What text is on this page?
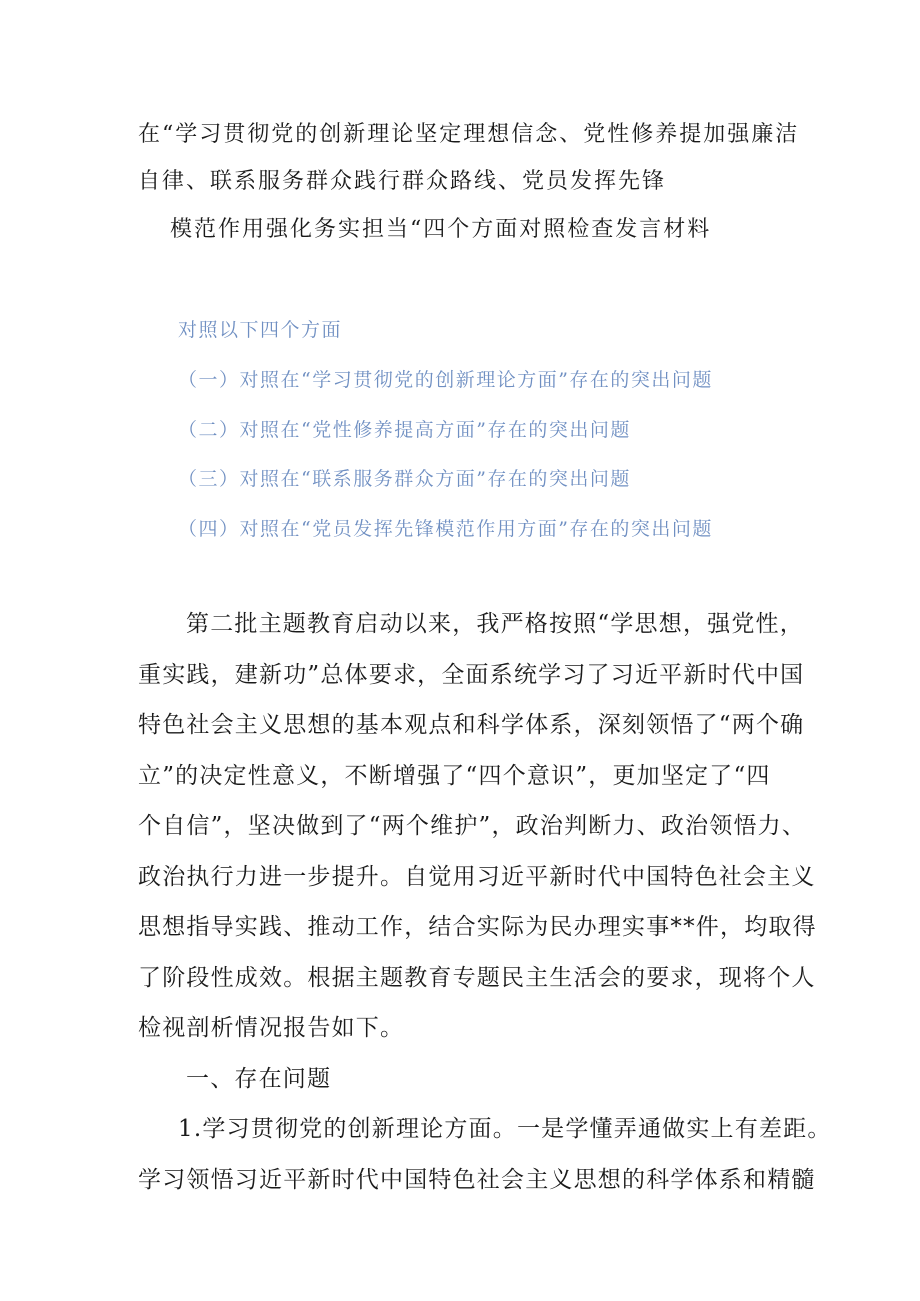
在“学习贯彻党的创新理论坚定理想信念、党性修养提加强廉洁
自律、联系服务群众践行群众路线、党员发挥先锋
模范作用强化务实担当“四个方面对照检查发言材料
对照以下四个方面
（一）对照在“学习贯彻党的创新理论方面”存在的突出问题
（二）对照在“党性修养提高方面”存在的突出问题
（三）对照在“联系服务群众方面”存在的突出问题
（四）对照在“党员发挥先锋模范作用方面”存在的突出问题
第二批主题教育启动以来，我严格按照“学思想，强党性，
重实践，建新功”总体要求，全面系统学习了习近平新时代中国
特色社会主义思想的基本观点和科学体系，深刻领悟了“两个确
立”的决定性意义，不断增强了“四个意识”，更加坚定了“四
个自信”，坚决做到了“两个维护”，政治判断力、政治领悟力、
政治执行力进一步提升。自觉用习近平新时代中国特色社会主义
思想指导实践、推动工作，结合实际为民办理实事**件，均取得
了阶段性成效。根据主题教育专题民主生活会的要求，现将个人
检视剖析情况报告如下。
一、存在问题
1.学习贯彻党的创新理论方面。一是学懂弄通做实上有差距。
学习领悟习近平新时代中国特色社会主义思想的科学体系和精髓
